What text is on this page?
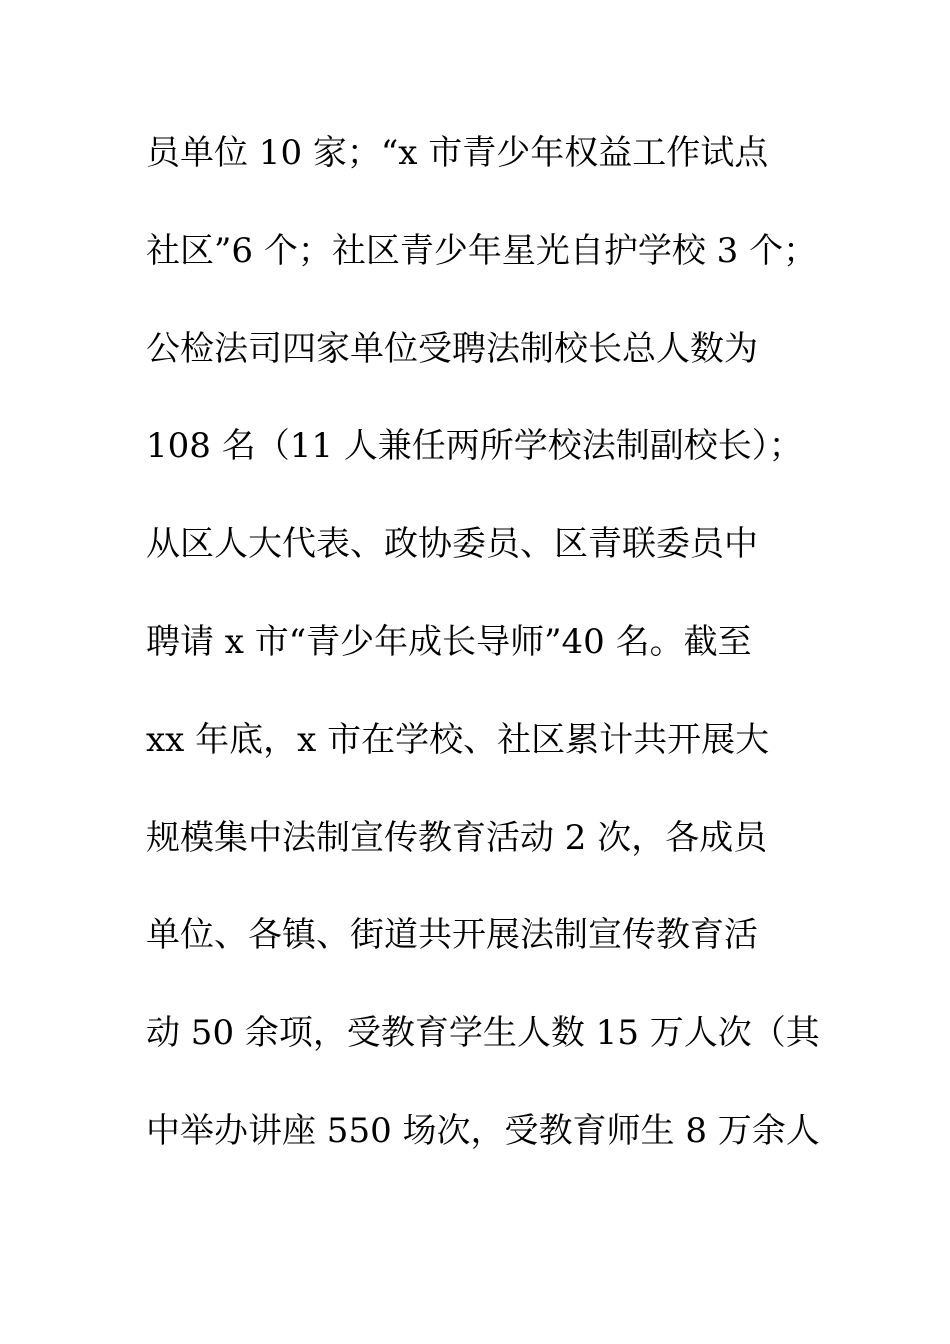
员单位 10 家；“x 市青少年权益工作试点
社区”6 个；社区青少年星光自护学校 3 个；
公检法司四家单位受聘法制校长总人数为
108 名（11 人兼任两所学校法制副校长）；
从区人大代表、政协委员、区青联委员中
聘请 x 市“青少年成长导师”40 名。截至
xx 年底，x 市在学校、社区累计共开展大
规模集中法制宣传教育活动 2 次，各成员
单位、各镇、街道共开展法制宣传教育活
动 50 余项，受教育学生人数 15 万人次（其
中举办讲座 550 场次，受教育师生 8 万余人
